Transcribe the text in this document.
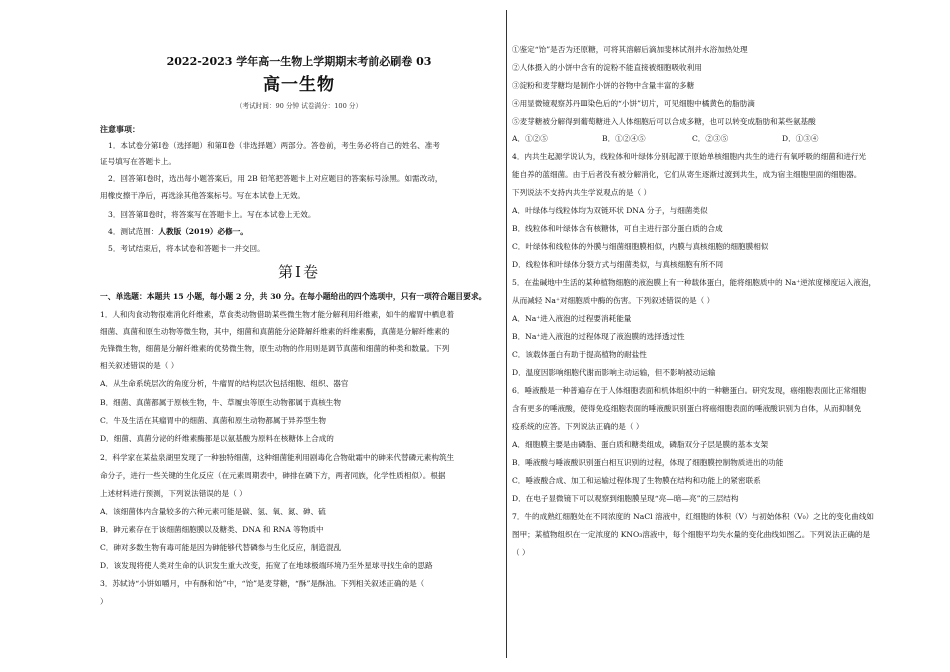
2022-2023 学年高一生物上学期期末考前必刷卷 03
高一生物
（考试时间：90 分钟 试卷满分：100 分）
注意事项：
1．本试卷分第Ⅰ卷（选择题）和第Ⅱ卷（非选择题）两部分。答卷前，考生务必将自己的姓名、准考
证号填写在答题卡上。
2．回答第Ⅰ卷时，选出每小题答案后，用 2B 铅笔把答题卡上对应题目的答案标号涂黑。如需改动，
用橡皮擦干净后，再选涂其他答案标号。写在本试卷上无效。
3．回答第Ⅱ卷时，将答案写在答题卡上。写在本试卷上无效。
4．测试范围：人教版（2019）必修一。
5．考试结束后，将本试卷和答题卡一并交回。
第Ⅰ卷
一、单选题：本题共 15 小题，每小题 2 分，共 30 分。在每小题给出的四个选项中，只有一项符合题目要求。
1．人和肉食动物很难消化纤维素，草食类动物借助某些微生物才能分解利用纤维素，如牛的瘤胃中栖息着
细菌、真菌和原生动物等微生物，其中，细菌和真菌能分泌降解纤维素的纤维素酶，真菌是分解纤维素的
先锋微生物，细菌是分解纤维素的优势微生物，原生动物的作用则是调节真菌和细菌的种类和数量。下列
相关叙述错误的是（ ）
A．从生命系统层次的角度分析，牛瘤胃的结构层次包括细胞、组织、器官
B．细菌、真菌都属于原核生物，牛、草履虫等原生动物都属于真核生物
C．牛及生活在其瘤胃中的细菌、真菌和原生动物都属于异养型生物
D．细菌、真菌分泌的纤维素酶都是以氨基酸为原料在核糖体上合成的
2．科学家在某盐泉湖里发现了一种独特细菌，这种细菌能利用剧毒化合物砒霜中的砷来代替磷元素构筑生
命分子，进行一些关键的生化反应（在元素周期表中，砷排在磷下方，两者同族，化学性质相似）。根据
上述材料进行预测，下列说法错误的是（ ）
A．该细菌体内含量较多的六种元素可能是碳、氢、氧、氮、砷、硫
B．砷元素存在于该细菌细胞膜以及糖类、DNA 和 RNA 等物质中
C．砷对多数生物有毒可能是因为砷能够代替磷参与生化反应，制造混乱
D．该发现将使人类对生命的认识发生重大改变，拓宽了在地球极端环境乃至外星球寻找生命的思路
3．苏轼诗“小饼如嚼月，中有酥和饴”中，“饴”是麦芽糖，“酥”是酥油。下列相关叙述正确的是（
）
①鉴定“饴”是否为还原糖，可将其溶解后滴加斐林试剂并水浴加热处理
②人体摄入的小饼中含有的淀粉不能直接被细胞吸收利用
③淀粉和麦芽糖均是制作小饼的谷物中含量丰富的多糖
④用显微镜观察苏丹Ⅲ染色后的“小饼”切片，可见细胞中橘黄色的脂肪滴
⑤麦芽糖被分解得到葡萄糖进入人体细胞后可以合成多糖，也可以转变成脂肪和某些氨基酸
A．①②⑤	B．①②④⑤	C．②③⑤	D．①③④
4．内共生起源学说认为，线粒体和叶绿体分别起源于原始单核细胞内共生的进行有氧呼吸的细菌和进行光
能自养的蓝细菌。由于后者没有被分解消化，它们从寄生逐渐过渡到共生，成为宿主细胞里面的细胞器。
下列说法不支持内共生学说观点的是（ ）
A．叶绿体与线粒体均为双链环状 DNA 分子，与细菌类似
B．线粒体和叶绿体含有核糖体，可自主进行部分蛋白质的合成
C．叶绿体和线粒体的外膜与细菌细胞膜相似，内膜与真核细胞的细胞膜相似
D．线粒体和叶绿体分裂方式与细菌类似，与真核细胞有所不同
5．在盐碱地中生活的某种植物细胞的液泡膜上有一种载体蛋白，能将细胞质中的 Na⁺逆浓度梯度运入液泡，
从而减轻 Na⁺对细胞质中酶的伤害。下列叙述错误的是（ ）
A．Na⁺进入液泡的过程要消耗能量
B．Na⁺进入液泡的过程体现了液泡膜的选择透过性
C．该载体蛋白有助于提高植物的耐盐性
D．温度因影响细胞代谢而影响主动运输，但不影响被动运输
6．唾液酸是一种普遍存在于人体细胞表面和机体组织中的一种糖蛋白。研究发现，癌细胞表面比正常细胞
含有更多的唾液酸，使得免疫细胞表面的唾液酸识别蛋白将癌细胞表面的唾液酸识别为自体，从而抑制免
疫系统的应答。下列说法正确的是（ ）
A．细胞膜主要是由磷脂、蛋白质和糖类组成，磷脂双分子层是膜的基本支架
B．唾液酸与唾液酸识别蛋白相互识别的过程，体现了细胞膜控制物质进出的功能
C．唾液酸合成、加工和运输过程体现了生物膜在结构和功能上的紧密联系
D．在电子显微镜下可以观察到细胞膜呈现“亮—暗—亮”的三层结构
7．牛的成熟红细胞处在不同浓度的 NaCl 溶液中，红细胞的体积（V）与初始体积（V₀）之比的变化曲线如
图甲；某植物组织在一定浓度的 KNO₃溶液中，每个细胞平均失水量的变化曲线如图乙。下列说法正确的是
（ ）
